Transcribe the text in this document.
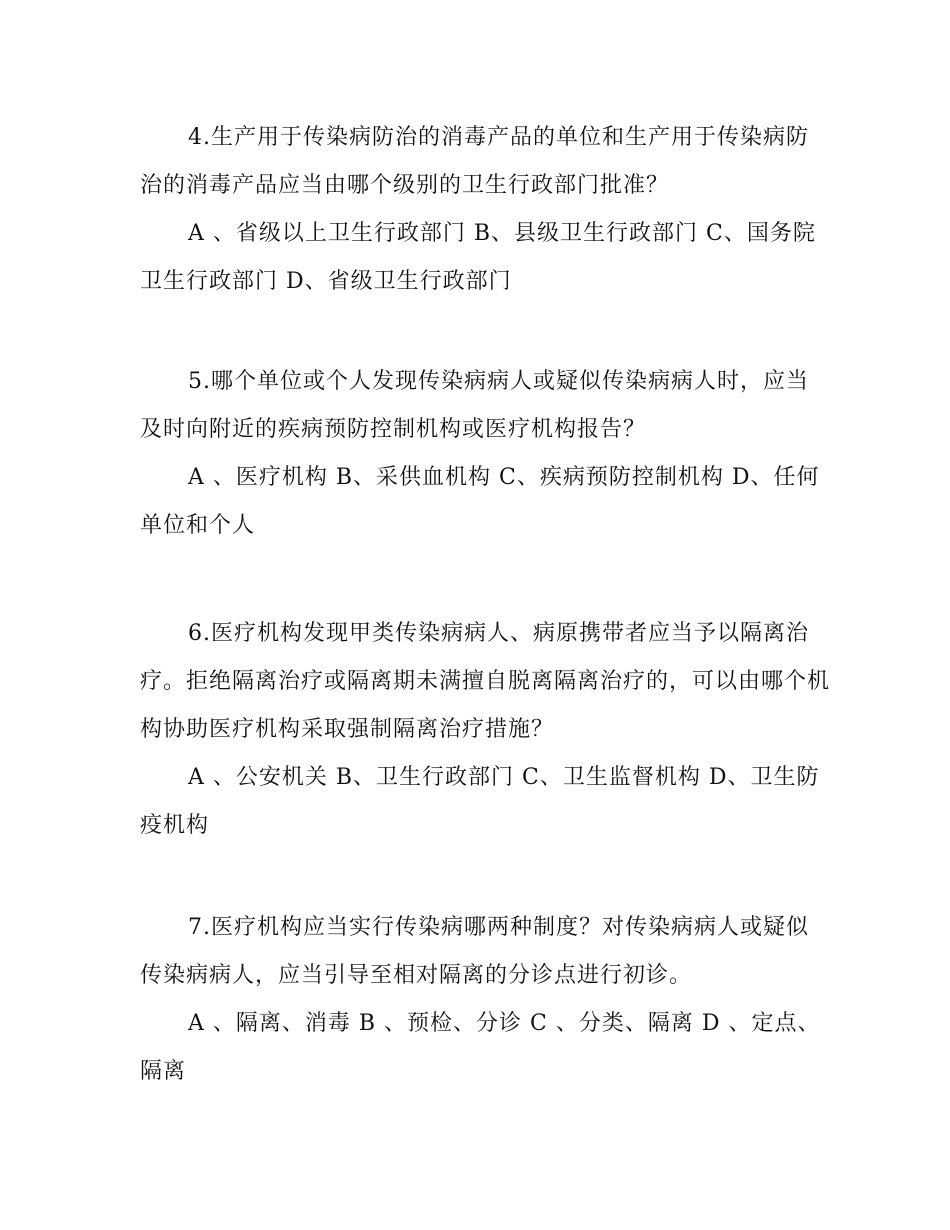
4.生产用于传染病防治的消毒产品的单位和生产用于传染病防治的消毒产品应当由哪个级别的卫生行政部门批准？

A 、省级以上卫生行政部门 B、县级卫生行政部门 C、国务院卫生行政部门 D、省级卫生行政部门

5.哪个单位或个人发现传染病病人或疑似传染病病人时，应当及时向附近的疾病预防控制机构或医疗机构报告？

A 、医疗机构 B、采供血机构 C、疾病预防控制机构 D、任何单位和个人

6.医疗机构发现甲类传染病病人、病原携带者应当予以隔离治疗。拒绝隔离治疗或隔离期未满擅自脱离隔离治疗的，可以由哪个机构协助医疗机构采取强制隔离治疗措施？

A 、公安机关 B、卫生行政部门 C、卫生监督机构 D、卫生防疫机构

7.医疗机构应当实行传染病哪两种制度？对传染病病人或疑似传染病病人，应当引导至相对隔离的分诊点进行初诊。

A 、隔离、消毒 B 、预检、分诊 C 、分类、隔离 D 、定点、隔离
